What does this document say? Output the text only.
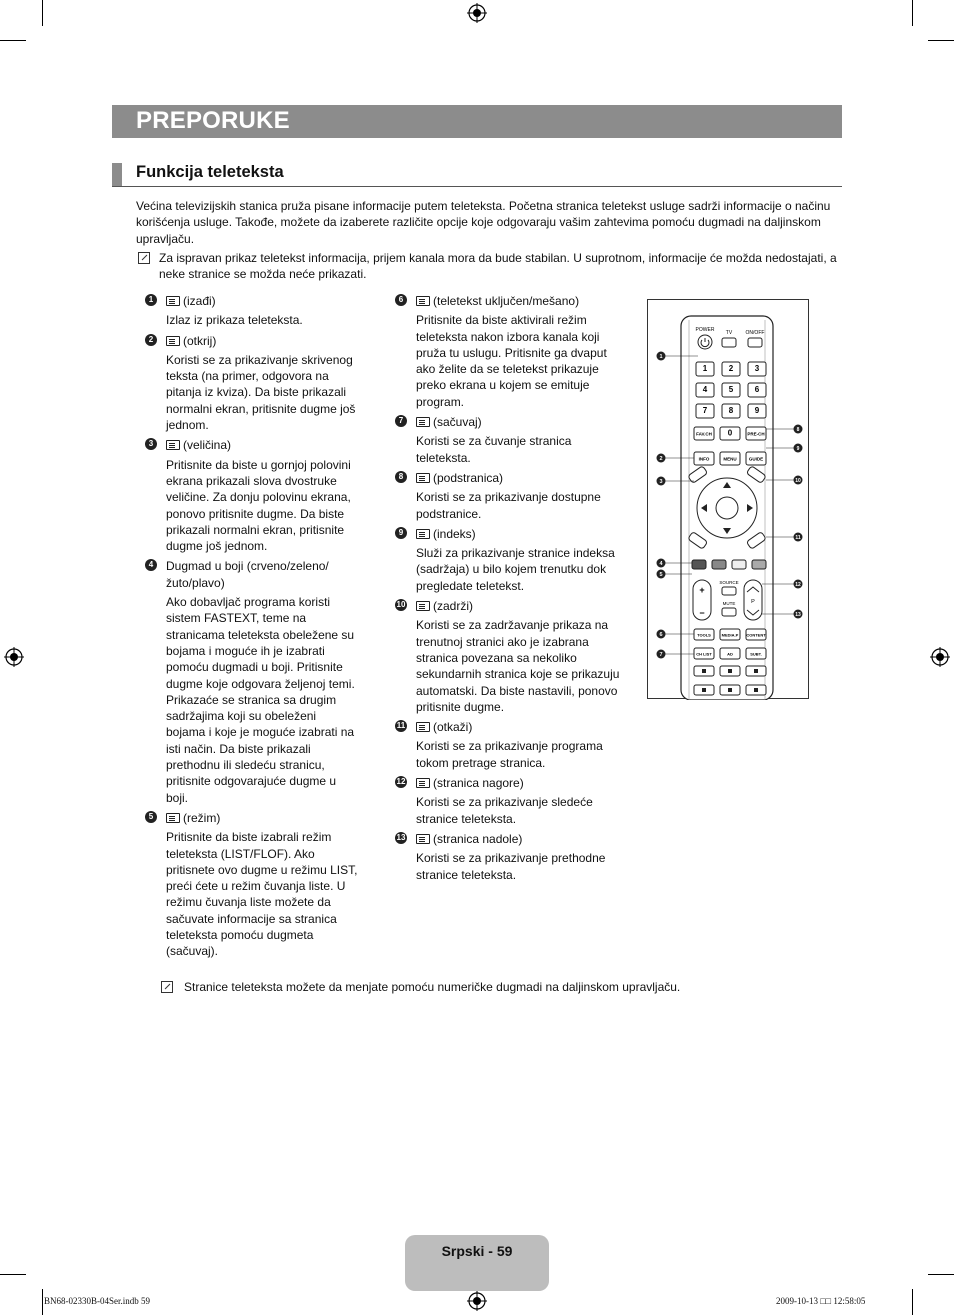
PREPORUKE
Funkcija teleteksta
Većina televizijskih stanica pruža pisane informacije putem teleteksta. Početna stranica teletekst usluge sadrži informacije o načinu korišćenja usluge. Takođe, možete da izaberete različite opcije koje odgovaraju vašim zahtevima pomoću dugmadi na daljinskom upravljaču.
Za ispravan prikaz teletekst informacija, prijem kanala mora da bude stabilan. U suprotnom, informacije će možda nedostajati, a neke stranice se možda neće prikazati.
1	(izađi)
Izlaz iz prikaza teleteksta.
2	(otkrij)
Koristi se za prikazivanje skrivenog teksta (na primer, odgovora na pitanja iz kviza). Da biste prikazali normalni ekran, pritisnite dugme još jednom.
3	(veličina)
Pritisnite da biste u gornjoj polovini ekrana prikazali slova dvostruke veličine. Za donju polovinu ekrana, ponovo pritisnite dugme. Da biste prikazali normalni ekran, pritisnite dugme još jednom.
4	Dugmad u boji (crveno/zeleno/ žuto/plavo)
Ako dobavljač programa koristi sistem FASTEXT, teme na stranicama teleteksta obeležene su bojama i moguće ih je izabrati pomoću dugmadi u boji. Pritisnite dugme koje odgovara željenoj temi. Prikazaće se stranica sa drugim sadržajima koji su obeleženi bojama i koje je moguće izabrati na isti način. Da biste prikazali prethodnu ili sledeću stranicu, pritisnite odgovarajuće dugme u boji.
5	(režim)
Pritisnite da biste izabrali režim teleteksta (LIST/FLOF). Ako pritisnete ovo dugme u režimu LIST, preći ćete u režim čuvanja liste. U režimu čuvanja liste možete da sačuvate informacije sa stranica teleteksta pomoću dugmeta (sačuvaj).
6	(teletekst uključen/mešano)
Pritisnite da biste aktivirali režim teleteksta nakon izbora kanala koji pruža tu uslugu. Pritisnite ga dvaput ako želite da se teletekst prikazuje preko ekrana u kojem se emituje program.
7	(sačuvaj)
Koristi se za čuvanje stranica teleteksta.
8	(podstranica)
Koristi se za prikazivanje dostupne podstranice.
9	(indeks)
Služi za prikazivanje stranice indeksa (sadržaja) u bilo kojem trenutku dok pregledate teletekst.
10	(zadrži)
Koristi se za zadržavanje prikaza na trenutnoj stranici ako je izabrana stranica povezana sa nekoliko sekundarnih stranica koje se prikazuju automatski. Da biste nastavili, ponovo pritisnite dugme.
11	(otkaži)
Koristi se za prikazivanje programa tokom pretrage stranica.
12	(stranica nagore)
Koristi se za prikazivanje sledeće stranice teleteksta.
13	(stranica nadole)
Koristi se za prikazivanje prethodne stranice teleteksta.
POWER TV	ON/OFF
1	2	3
4	5	6
7	8	9
FAV.CH 0	PRE-CH
INFO	MENU	GUIDE
+
−
P
SOURCE
MUTE
TOOLS	MEDIA.P CONTENT
CH LIST	AD	SUBT.
1
2
3
4
5
6
7
8
9
10
11
12
13
Stranice teleteksta možete da menjate pomoću numeričke dugmadi na daljinskom upravljaču.
Srpski - 59
BN68-02330B-04Ser.indb 59	2009-10-13 □□ 12:58:05
